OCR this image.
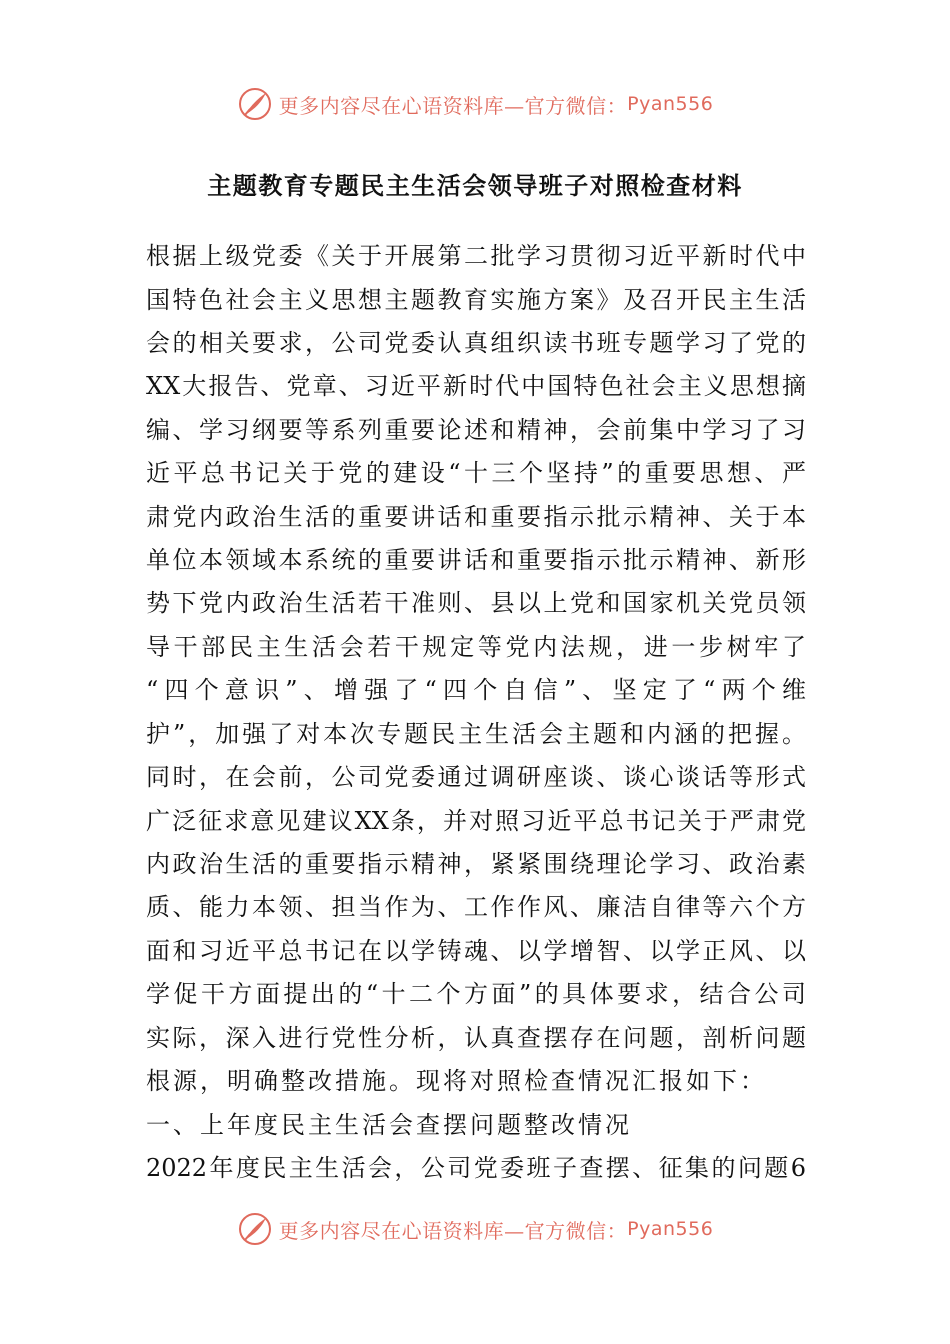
更多内容尽在心语资料库—官方微信： Pyan556
主题教育专题民主生活会领导班子对照检查材料
根据上级党委《关于开展第二批学习贯彻习近平新时代中
国特色社会主义思想主题教育实施方案》及召开民主生活
会的相关要求，公司党委认真组织读书班专题学习了党的
XX大报告、党章、习近平新时代中国特色社会主义思想摘
编、学习纲要等系列重要论述和精神，会前集中学习了习
近平总书记关于党的建设“十三个坚持”的重要思想、严
肃党内政治生活的重要讲话和重要指示批示精神、关于本
单位本领域本系统的重要讲话和重要指示批示精神、新形
势下党内政治生活若干准则、县以上党和国家机关党员领
导干部民主生活会若干规定等党内法规，进一步树牢了
“四个意识”、增强了“四个自信”、坚定了“两个维
护”，加强了对本次专题民主生活会主题和内涵的把握。
同时，在会前，公司党委通过调研座谈、谈心谈话等形式
广泛征求意见建议XX条，并对照习近平总书记关于严肃党
内政治生活的重要指示精神，紧紧围绕理论学习、政治素
质、能力本领、担当作为、工作作风、廉洁自律等六个方
面和习近平总书记在以学铸魂、以学增智、以学正风、以
学促干方面提出的“十二个方面”的具体要求，结合公司
实际，深入进行党性分析，认真查摆存在问题，剖析问题
根源，明确整改措施。现将对照检查情况汇报如下：
一、上年度民主生活会查摆问题整改情况
2022年度民主生活会，公司党委班子查摆、征集的问题6
更多内容尽在心语资料库—官方微信： Pyan556
